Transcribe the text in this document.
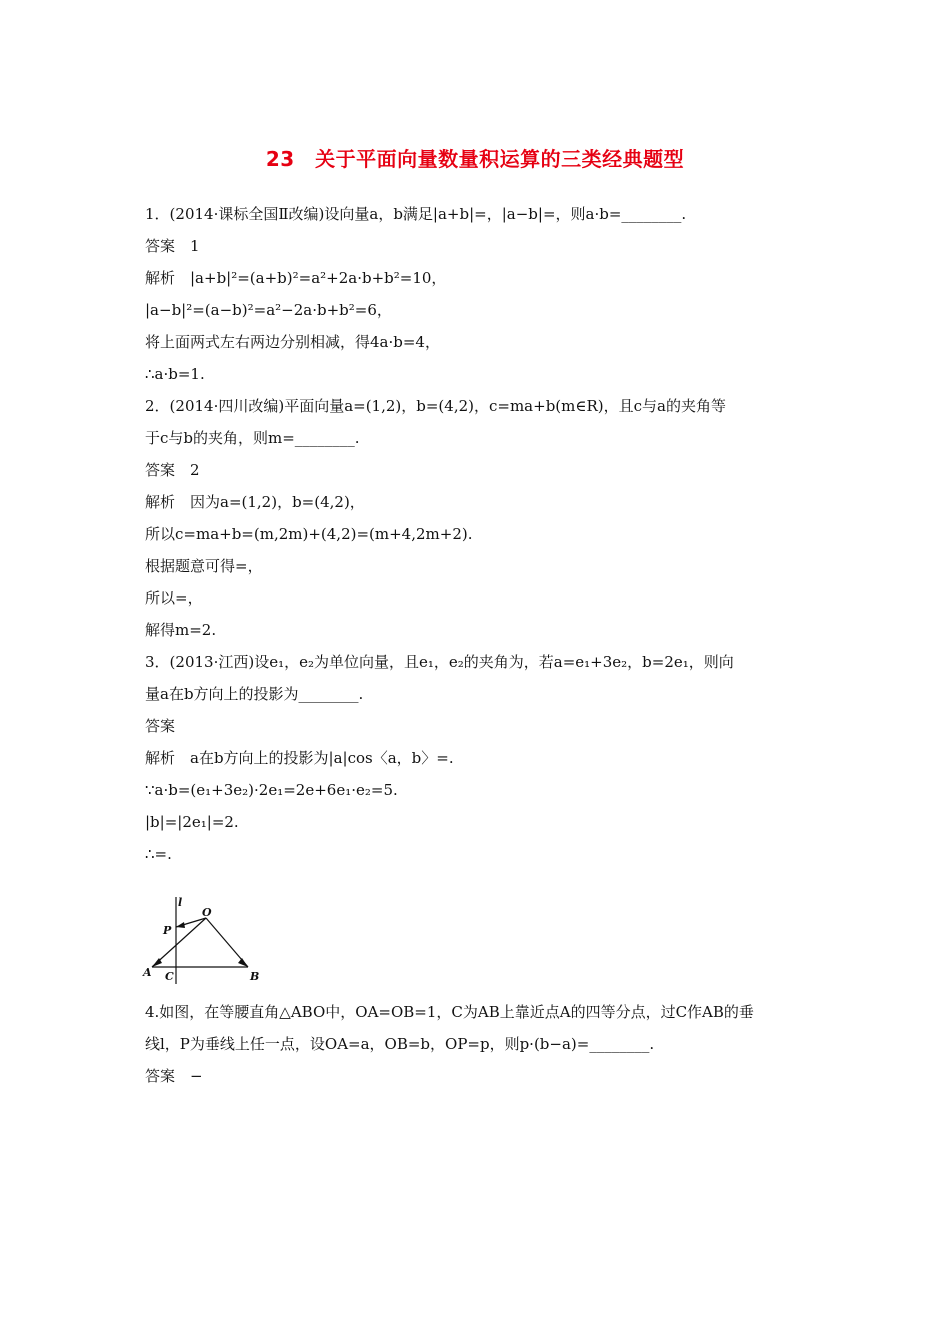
23　关于平面向量数量积运算的三类经典题型
1．(2014·课标全国Ⅱ改编)设向量a，b满足|a+b|=，|a−b|=，则a·b=________.
答案　1
解析　|a+b|²=(a+b)²=a²+2a·b+b²=10，
|a−b|²=(a−b)²=a²−2a·b+b²=6，
将上面两式左右两边分别相减，得4a·b=4，
∴a·b=1.
2．(2014·四川改编)平面向量a=(1,2)，b=(4,2)，c=ma+b(m∈R)，且c与a的夹角等
于c与b的夹角，则m=________.
答案　2
解析　因为a=(1,2)，b=(4,2)，
所以c=ma+b=(m,2m)+(4,2)=(m+4,2m+2).
根据题意可得=，
所以=，
解得m=2.
3．(2013·江西)设e₁，e₂为单位向量，且e₁，e₂的夹角为，若a=e₁+3e₂，b=2e₁，则向
量a在b方向上的投影为________.
答案
解析　a在b方向上的投影为|a|cos〈a，b〉=.
∵a·b=(e₁+3e₂)·2e₁=2e+6e₁·e₂=5.
|b|=|2e₁|=2.
∴=.
4.如图，在等腰直角△ABO中，OA=OB=1，C为AB上靠近点A的四等分点，过C作AB的垂
线l，P为垂线上任一点，设OA=a，OB=b，OP=p，则p·(b−a)=________.
答案　−
l
O
P
A C	B
